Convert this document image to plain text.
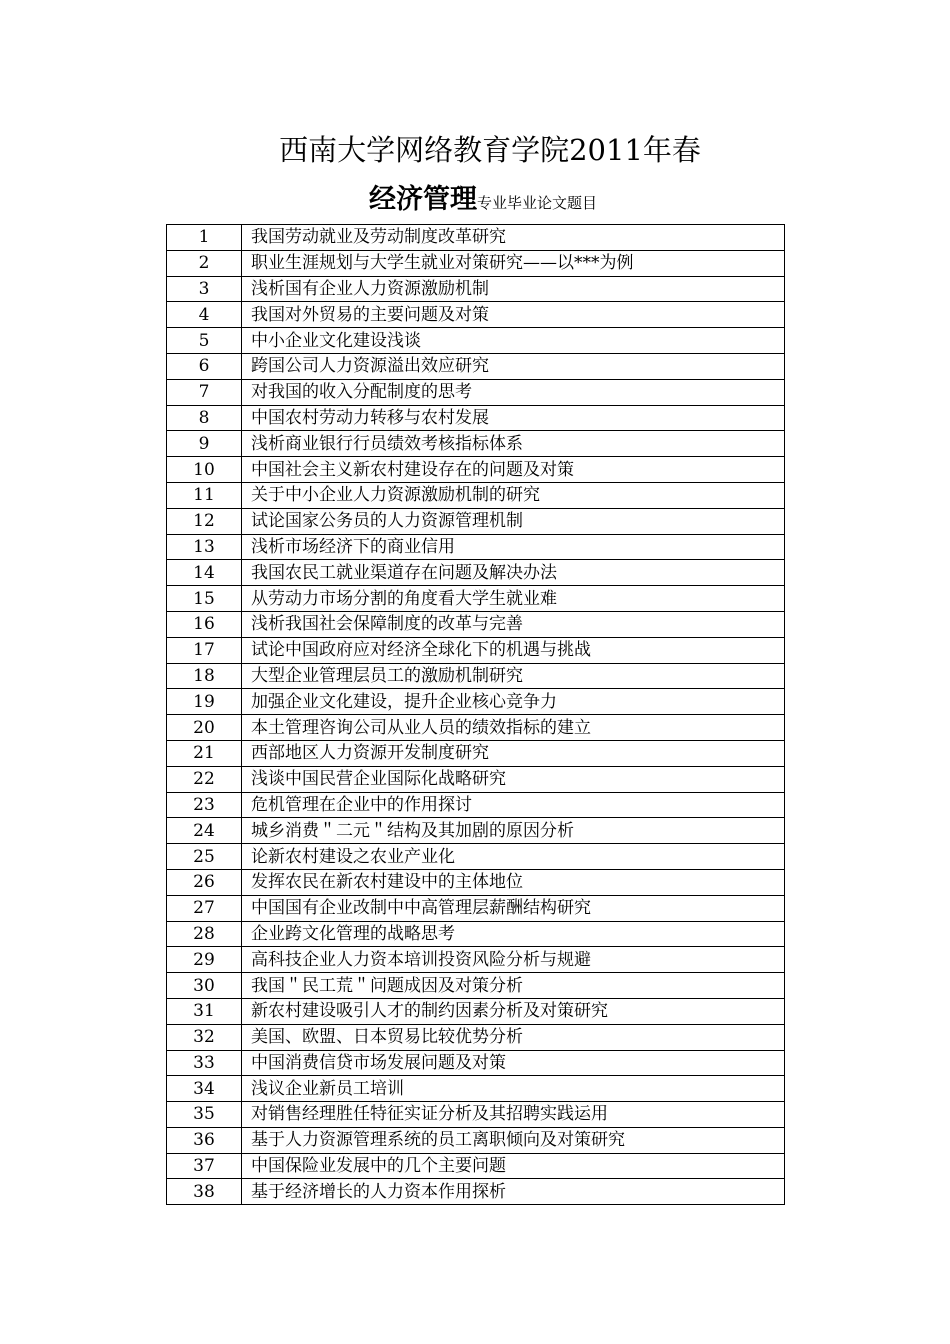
西南大学网络教育学院2011年春
经济管理专业毕业论文题目
1	我国劳动就业及劳动制度改革研究
2	职业生涯规划与大学生就业对策研究——以***为例
3	浅析国有企业人力资源激励机制
4	我国对外贸易的主要问题及对策
5	中小企业文化建设浅谈
6	跨国公司人力资源溢出效应研究
7	对我国的收入分配制度的思考
8	中国农村劳动力转移与农村发展
9	浅析商业银行行员绩效考核指标体系
10	中国社会主义新农村建设存在的问题及对策
11	关于中小企业人力资源激励机制的研究
12	试论国家公务员的人力资源管理机制
13	浅析市场经济下的商业信用
14	我国农民工就业渠道存在问题及解决办法
15	从劳动力市场分割的角度看大学生就业难
16	浅析我国社会保障制度的改革与完善
17	试论中国政府应对经济全球化下的机遇与挑战
18	大型企业管理层员工的激励机制研究
19	加强企业文化建设，提升企业核心竞争力
20	本土管理咨询公司从业人员的绩效指标的建立
21	西部地区人力资源开发制度研究
22	浅谈中国民营企业国际化战略研究
23	危机管理在企业中的作用探讨
24	城乡消费＂二元＂结构及其加剧的原因分析
25	论新农村建设之农业产业化
26	发挥农民在新农村建设中的主体地位
27	中国国有企业改制中中高管理层薪酬结构研究
28	企业跨文化管理的战略思考
29	高科技企业人力资本培训投资风险分析与规避
30	我国＂民工荒＂问题成因及对策分析
31	新农村建设吸引人才的制约因素分析及对策研究
32	美国、欧盟、日本贸易比较优势分析
33	中国消费信贷市场发展问题及对策
34	浅议企业新员工培训
35	对销售经理胜任特征实证分析及其招聘实践运用
36	基于人力资源管理系统的员工离职倾向及对策研究
37	中国保险业发展中的几个主要问题
38	基于经济增长的人力资本作用探析
